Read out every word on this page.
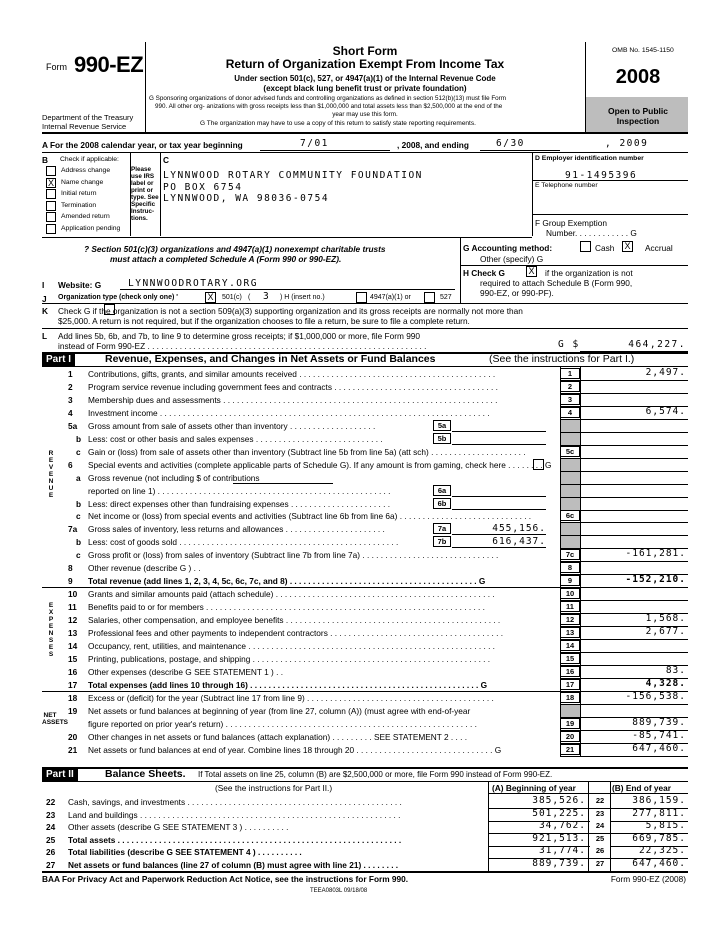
Form 990-EZ
Department of the Treasury
Internal Revenue Service
Short Form
Return of Organization Exempt From Income Tax
Under section 501(c), 527, or 4947(a)(1) of the Internal Revenue Code
(except black lung benefit trust or private foundation)
G Sponsoring organizations of donor advised funds and controlling organizations as defined in section 512(b)(13) must file Form
990. All other org- anizations with gross receipts less than $1,000,000 and total assets less than $2,500,000 at the end of the
year may use this form.
G The organization may have to use a copy of this return to satisfy state reporting requirements.
OMB No. 1545-1150
2008
Open to Public
Inspection
A For the 2008 calendar year, or tax year beginning	7/01	, 2008, and ending	6/30	, 2009
B Check if applicable:
Address change
X Name change
Initial return
Termination
Amended return
Application pending
Please use IRS label or print or type. See Specific Instruc- tions.
C
LYNNWOOD ROTARY COMMUNITY FOUNDATION
PO BOX 6754
LYNNWOOD, WA 98036-0754
D Employer identification number
91-1495396
E Telephone number
F Group Exemption
Number. . . . . . . . . . . . G
? Section 501(c)(3) organizations and 4947(a)(1) nonexempt charitable trusts
must attach a completed Schedule A (Form 990 or 990-EZ).
G Accounting method:	Cash X	Accrual
Other (specify) G
H Check G	X	if the organization is not
required to attach Schedule B (Form 990,
990-EZ, or 990-PF).
I Website: G	LYNNWOODROTARY.ORG
J Organization type (check only one) '	X	501(c) ( 3 ) H (insert no.)	4947(a)(1) or	527
K Check G if the organization is not a section 509(a)(3) supporting organization and its gross receipts are normally not more than
$25,000. A return is not required, but if the organization chooses to file a return, be sure to file a complete return.
L Add lines 5b, 6b, and 7b, to line 9 to determine gross receipts; if $1,000,000 or more, file Form 990
instead of Form 990-EZ . . . . . . . . . . . . . . . . . . . . . . . . . . . . . . . . . . . . . . . . . . . . . . . . . . . . . . . . . . . . .	G $	464,227.
Part I	Revenue, Expenses, and Changes in Net Assets or Fund Balances	(See the instructions for Part I.)
1 Contributions, gifts, grants, and similar amounts received . . . . . . . . . . . . . . . . . . . . . . . . . . . . . . . . . . . . . . . . . . .	1	2,497.
2 Program service revenue including government fees and contracts . . . . . . . . . . . . . . . . . . . . . . . . . . . . . . . . . . . .	2
3 Membership dues and assessments . . . . . . . . . . . . . . . . . . . . . . . . . . . . . . . . . . . . . . . . . . . . . . . . . . . . . . . . . . . .	3
4 Investment income . . . . . . . . . . . . . . . . . . . . . . . . . . . . . . . . . . . . . . . . . . . . . . . . . . . . . . . . . . . . . . . . . . . . . . . .	4	6,574.
5a Gross amount from sale of assets other than inventory . . . . . . . . . . . . . . . . . . .	5a
b Less: cost or other basis and sales expenses . . . . . . . . . . . . . . . . . . . . . . . . . . . .	5b
c Gain or (loss) from sale of assets other than inventory (Subtract line 5b from line 5a) (att sch) . . . . . . . . . . . . . . . . . . . . .	5c
6 Special events and activities (complete applicable parts of Schedule G). If any amount is from gaming, check here . . . . . . . . G
a Gross revenue (not including $ of contributions
reported on line 1) . . . . . . . . . . . . . . . . . . . . . . . . . . . . . . . . . . . . . . . . . . . . . . . . . . .	6a
b Less: direct expenses other than fundraising expenses . . . . . . . . . . . . . . . . . . . . . .	6b
c Net income or (loss) from special events and activities (Subtract line 6b from line 6a) . . . . . . . . . . . . . . . . . . . . . . . . . . . . .	6c
7a Gross sales of inventory, less returns and allowances . . . . . . . . . . . . . . . . . . . . . .	7a	455,156.
b Less: cost of goods sold . . . . . . . . . . . . . . . . . . . . . . . . . . . . . . . . . . . . . . . . . . . . . . . .	7b	616,437.
c Gross profit or (loss) from sales of inventory (Subtract line 7b from line 7a) . . . . . . . . . . . . . . . . . . . . . . . . . . . . . .	7c	-161,281.
8 Other revenue (describe G ) . .	8
9 Total revenue (add lines 1, 2, 3, 4, 5c, 6c, 7c, and 8) . . . . . . . . . . . . . . . . . . . . . . . . . . . . . . . . . . . . . . . . . G	9	-152,210.
10 Grants and similar amounts paid (attach schedule) . . . . . . . . . . . . . . . . . . . . . . . . . . . . . . . . . . . . . . . . . . . . . . . .	10
11 Benefits paid to or for members . . . . . . . . . . . . . . . . . . . . . . . . . . . . . . . . . . . . . . . . . . . . . . . . . . . . . . . . . . . . .	11
12 Salaries, other compensation, and employee benefits . . . . . . . . . . . . . . . . . . . . . . . . . . . . . . . . . . . . . . . . . . . . . . .	12	1,568.
13 Professional fees and other payments to independent contractors . . . . . . . . . . . . . . . . . . . . . . . . . . . . . . . . . . . . . .	13	2,677.
14 Occupancy, rent, utilities, and maintenance . . . . . . . . . . . . . . . . . . . . . . . . . . . . . . . . . . . . . . . . . . . . . . . . . . . . . .	14
15 Printing, publications, postage, and shipping . . . . . . . . . . . . . . . . . . . . . . . . . . . . . . . . . . . . . . . . . . . . . . . . . . . .	15
16 Other expenses (describe G SEE STATEMENT 1 ) . .	16	83.
17 Total expenses (add lines 10 through 16) . . . . . . . . . . . . . . . . . . . . . . . . . . . . . . . . . . . . . . . . . . . . . . . . . . G	17	4,328.
18 Excess or (deficit) for the year (Subtract line 17 from line 9) . . . . . . . . . . . . . . . . . . . . . . . . . . . . . . . . . . . . . . . . .	18	-156,538.
19 Net assets or fund balances at beginning of year (from line 27, column (A)) (must agree with end-of-year
figure reported on prior year's return) . . . . . . . . . . . . . . . . . . . . . . . . . . . . . . . . . . . . . . . . . . . . . . . . . . . . . . .	19	889,739.
20 Other changes in net assets or fund balances (attach explanation) . . . . . . . . . SEE STATEMENT 2 . . . .	20	-85,741.
21 Net assets or fund balances at end of year. Combine lines 18 through 20 . . . . . . . . . . . . . . . . . . . . . . . . . . . . . . G	21	647,460.
R
E
V
E
N
U
E
E
X
P
E
N
S
E
S
NET ASSETS
Part II	Balance Sheets. If Total assets on line 25, column (B) are $2,500,000 or more, file Form 990 instead of Form 990-EZ.
(See the instructions for Part II.)	(A) Beginning of year	(B) End of year
22 Cash, savings, and investments . . . . . . . . . . . . . . . . . . . . . . . . . . . . . . . . . . . . . . . . . . . . . . .	385,526.	22	386,159.
23 Land and buildings . . . . . . . . . . . . . . . . . . . . . . . . . . . . . . . . . . . . . . . . . . . . . . . . . . . . . . . . .	501,225.	23	277,811.
24 Other assets (describe G SEE STATEMENT 3 ) . . . . . . . . . .	34,762.	24	5,815.
25 Total assets . . . . . . . . . . . . . . . . . . . . . . . . . . . . . . . . . . . . . . . . . . . . . . . . . . . . . . . . . . . . . .	921,513.	25	669,785.
26 Total liabilities (describe G SEE STATEMENT 4 ) . . . . . . . . . .	31,774.	26	22,325.
27 Net assets or fund balances (line 27 of column (B) must agree with line 21) . . . . . . . .	889,739.	27	647,460.
BAA For Privacy Act and Paperwork Reduction Act Notice, see the instructions for Form 990.	Form 990-EZ (2008)
TEEA0803L 09/18/08
